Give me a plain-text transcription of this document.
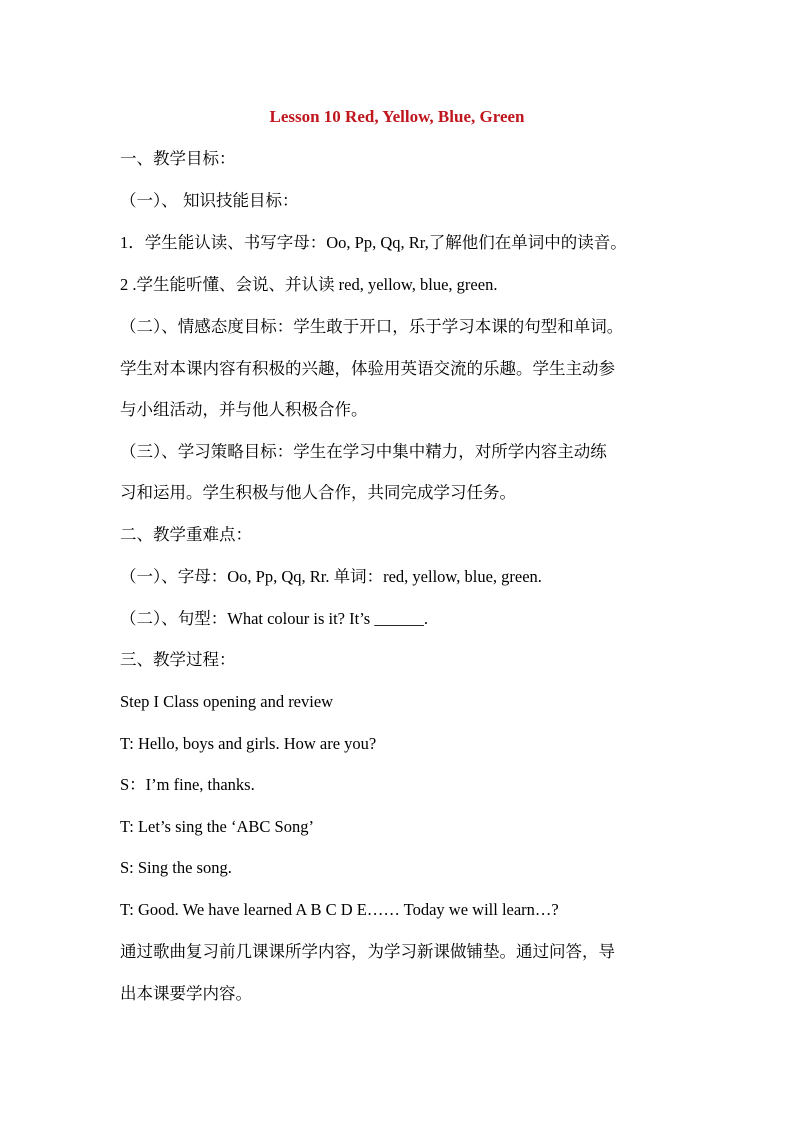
Lesson 10 Red, Yellow, Blue, Green

一、教学目标：

（一）、 知识技能目标：

1．学生能认读、书写字母：Oo, Pp, Qq, Rr,了解他们在单词中的读音。

2 .学生能听懂、会说、并认读 red, yellow, blue, green.

（二）、情感态度目标：学生敢于开口，乐于学习本课的句型和单词。

学生对本课内容有积极的兴趣，体验用英语交流的乐趣。学生主动参

与小组活动，并与他人积极合作。

（三）、学习策略目标：学生在学习中集中精力，对所学内容主动练

习和运用。学生积极与他人合作，共同完成学习任务。

二、教学重难点：

（一）、字母：Oo, Pp, Qq, Rr. 单词：red, yellow, blue, green.

（二）、句型：What colour is it? It’s ______.

三、教学过程：

Step I Class opening and review

T: Hello, boys and girls. How are you?

S：I’m fine, thanks.

T: Let’s sing the ‘ABC Song’

S: Sing the song.

T: Good. We have learned A B C D E…… Today we will learn…?

通过歌曲复习前几课课所学内容，为学习新课做铺垫。通过问答，导

出本课要学内容。
